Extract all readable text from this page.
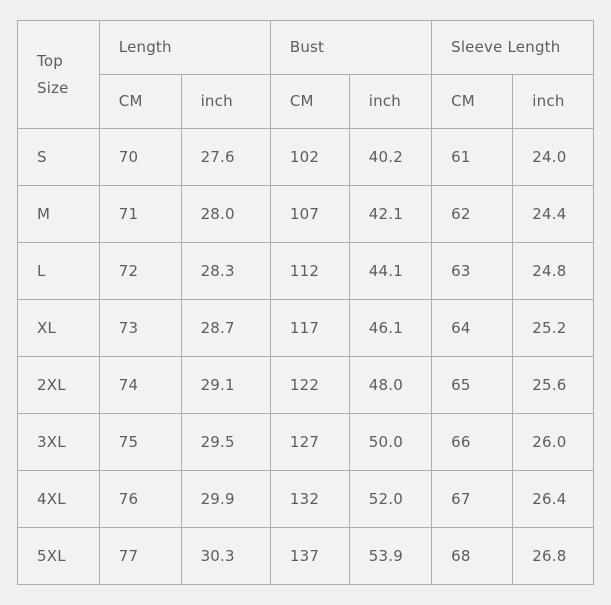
Top Size	Length		Bust		Sleeve Length	
	CM	inch	CM	inch	CM	inch
S	70	27.6	102	40.2	61	24.0
M	71	28.0	107	42.1	62	24.4
L	72	28.3	112	44.1	63	24.8
XL	73	28.7	117	46.1	64	25.2
2XL	74	29.1	122	48.0	65	25.6
3XL	75	29.5	127	50.0	66	26.0
4XL	76	29.9	132	52.0	67	26.4
5XL	77	30.3	137	53.9	68	26.8
